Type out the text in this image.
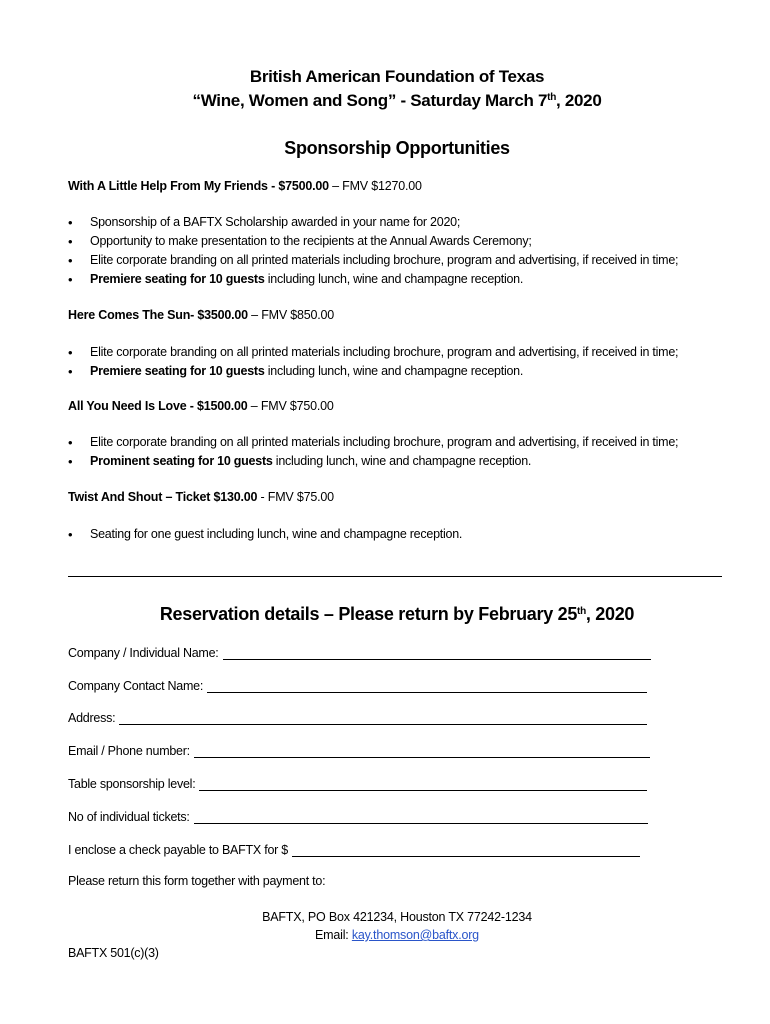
British American Foundation of Texas
“Wine, Women and Song” - Saturday March 7th, 2020
Sponsorship Opportunities
With A Little Help From My Friends - $7500.00 – FMV $1270.00
• Sponsorship of a BAFTX Scholarship awarded in your name for 2020;
• Opportunity to make presentation to the recipients at the Annual Awards Ceremony;
• Elite corporate branding on all printed materials including brochure, program and advertising, if received in time;
• Premiere seating for 10 guests including lunch, wine and champagne reception.
Here Comes The Sun- $3500.00 – FMV $850.00
• Elite corporate branding on all printed materials including brochure, program and advertising, if received in time;
• Premiere seating for 10 guests including lunch, wine and champagne reception.
All You Need Is Love - $1500.00 – FMV $750.00
• Elite corporate branding on all printed materials including brochure, program and advertising, if received in time;
• Prominent seating for 10 guests including lunch, wine and champagne reception.
Twist And Shout – Ticket $130.00 - FMV $75.00
• Seating for one guest including lunch, wine and champagne reception.
Reservation details – Please return by February 25th, 2020
Company / Individual Name:
Company Contact Name:
Address:
Email / Phone number:
Table sponsorship level:
No of individual tickets:
I enclose a check payable to BAFTX for $
Please return this form together with payment to:
BAFTX, PO Box 421234, Houston TX 77242-1234
Email: kay.thomson@baftx.org
BAFTX 501(c)(3)
